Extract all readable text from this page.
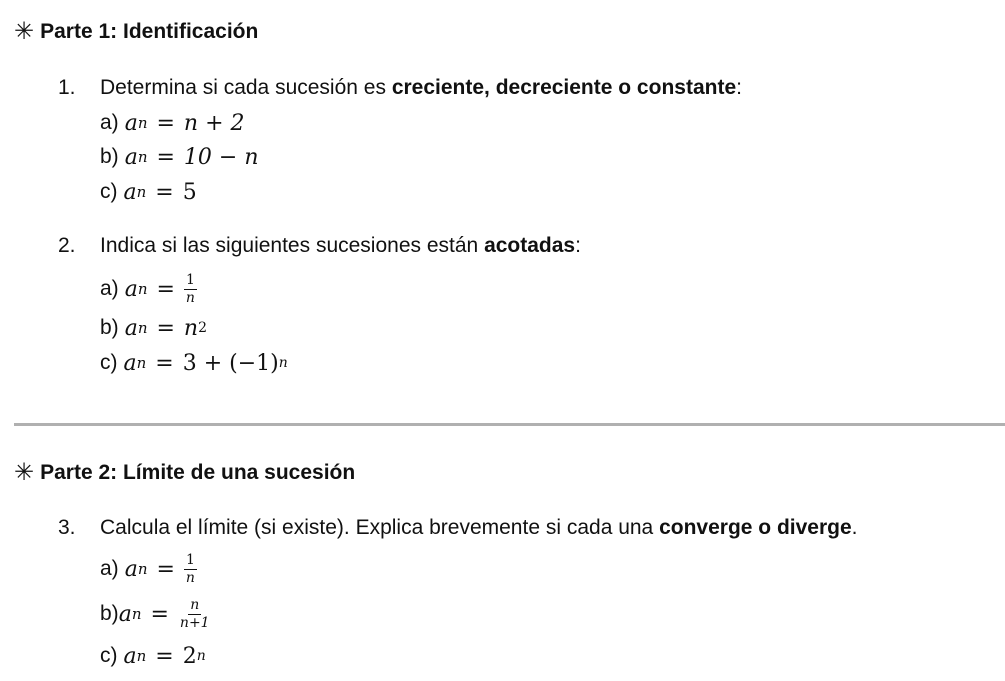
✳ Parte 1: Identificación
1. Determina si cada sucesión es creciente, decreciente o constante:
a) a n = n + 2
b) a n = 10 − n
c) a n = 5
2. Indica si las siguientes sucesiones están acotadas:
a) a $n = \frac{1}{n}$
b) a n = n 2
c) a n = 3 + (−1) n
✳ Parte 2: Límite de una sucesión
3. Calcula el límite (si existe). Explica brevemente si cada una converge o diverge.
a) a $n = \frac{1}{n}$
b) a $n = \frac{n}{n+1}$
c) a n = 2 n
